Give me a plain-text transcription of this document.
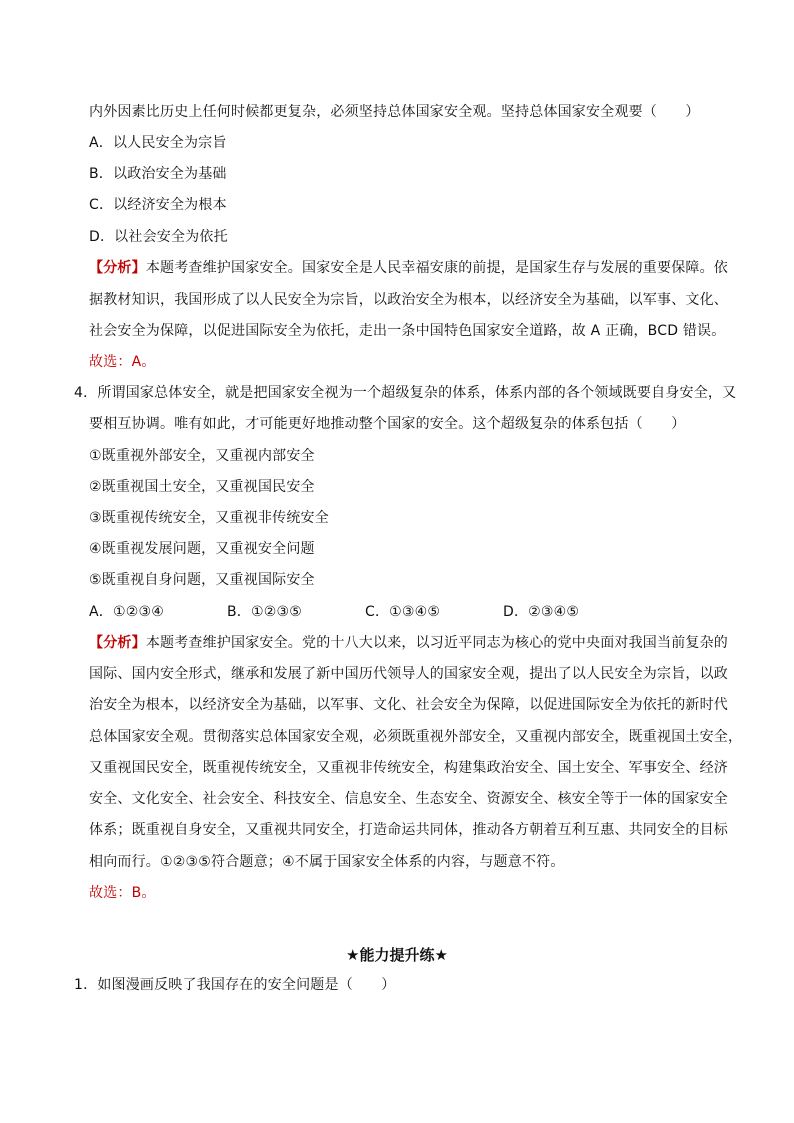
内外因素比历史上任何时候都更复杂，必须坚持总体国家安全观。坚持总体国家安全观要（　　）
A．以人民安全为宗旨
B．以政治安全为基础
C．以经济安全为根本
D．以社会安全为依托
【分析】本题考查维护国家安全。国家安全是人民幸福安康的前提，是国家生存与发展的重要保障。依
据教材知识，我国形成了以人民安全为宗旨，以政治安全为根本，以经济安全为基础，以军事、文化、
社会安全为保障，以促进国际安全为依托，走出一条中国特色国家安全道路，故 A 正确，BCD 错误。
故选：A。
4．所谓国家总体安全，就是把国家安全视为一个超级复杂的体系，体系内部的各个领域既要自身安全，又
要相互协调。唯有如此，才可能更好地推动整个国家的安全。这个超级复杂的体系包括（　　）
①既重视外部安全，又重视内部安全
②既重视国土安全，又重视国民安全
③既重视传统安全，又重视非传统安全
④既重视发展问题，又重视安全问题
⑤既重视自身问题，又重视国际安全
A．①②③④	B．①②③⑤	C．①③④⑤	D．②③④⑤
【分析】本题考查维护国家安全。党的十八大以来，以习近平同志为核心的党中央面对我国当前复杂的
国际、国内安全形式，继承和发展了新中国历代领导人的国家安全观，提出了以人民安全为宗旨，以政
治安全为根本，以经济安全为基础，以军事、文化、社会安全为保障，以促进国际安全为依托的新时代
总体国家安全观。贯彻落实总体国家安全观，必须既重视外部安全，又重视内部安全，既重视国土安全，
又重视国民安全，既重视传统安全，又重视非传统安全，构建集政治安全、国土安全、军事安全、经济
安全、文化安全、社会安全、科技安全、信息安全、生态安全、资源安全、核安全等于一体的国家安全
体系；既重视自身安全，又重视共同安全，打造命运共同体，推动各方朝着互利互惠、共同安全的目标
相向而行。①②③⑤符合题意；④不属于国家安全体系的内容，与题意不符。
故选：B。
★能力提升练★
1．如图漫画反映了我国存在的安全问题是（　　）
